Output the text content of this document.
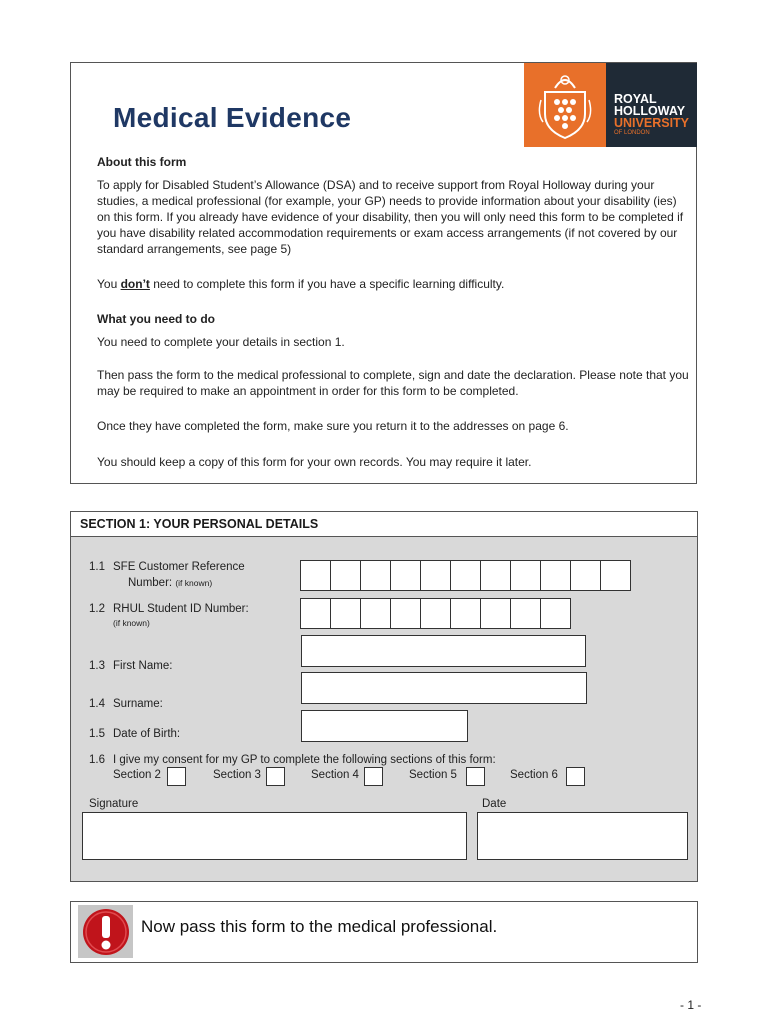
Medical Evidence
ROYAL
HOLLOWAY
UNIVERSITY
OF LONDON
About this form
To apply for Disabled Student’s Allowance (DSA) and to receive support from Royal Holloway during your studies, a medical professional (for example, your GP) needs to provide information about your disability (ies) on this form. If you already have evidence of your disability, then you will only need this form to be completed if you have disability related accommodation requirements or exam access arrangements (if not covered by our standard arrangements, see page 5)
You don’t need to complete this form if you have a specific learning difficulty.
What you need to do
You need to complete your details in section 1.
Then pass the form to the medical professional to complete, sign and date the declaration. Please note that you may be required to make an appointment in order for this form to be completed.
Once they have completed the form, make sure you return it to the addresses on page 6.
You should keep a copy of this form for your own records. You may require it later.
SECTION 1: YOUR PERSONAL DETAILS
1.1 SFE Customer Reference
Number: (if known)
1.2 RHUL Student ID Number:
(if known)
1.3 First Name:
1.4 Surname:
1.5 Date of Birth:
1.6 I give my consent for my GP to complete the following sections of this form:
Section 2	Section 3	Section 4	Section 5	Section 6
Signature	Date
Now pass this form to the medical professional.
- 1 -
